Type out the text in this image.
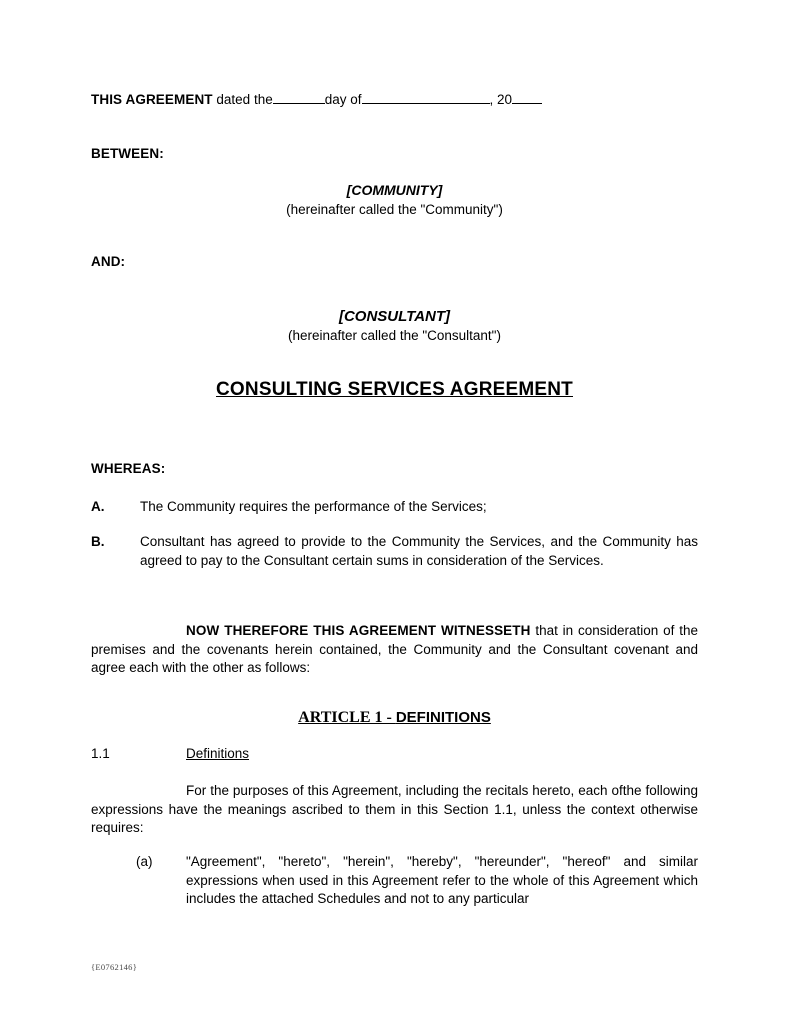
THIS AGREEMENT dated the	day of	, 20
BETWEEN:
[COMMUNITY]
(hereinafter called the "Community")
AND:
[CONSULTANT]
(hereinafter called the "Consultant")
CONSULTING SERVICES AGREEMENT
WHEREAS:
A.	The Community requires the performance of the Services;
B.	Consultant has agreed to provide to the Community the Services, and the Community has agreed to pay to the Consultant certain sums in consideration of the Services.
NOW THEREFORE THIS AGREEMENT WITNESSETH that in consideration of the premises and the covenants herein contained, the Community and the Consultant covenant and agree each with the other as follows:
ARTICLE 1 - DEFINITIONS
1.1	Definitions
For the purposes of this Agreement, including the recitals hereto, each ofthe following expressions have the meanings ascribed to them in this Section 1.1, unless the context otherwise requires:
(a) "Agreement", "hereto", "herein", "hereby", "hereunder", "hereof" and similar expressions when used in this Agreement refer to the whole of this Agreement which includes the attached Schedules and not to any particular
{E0762146}
